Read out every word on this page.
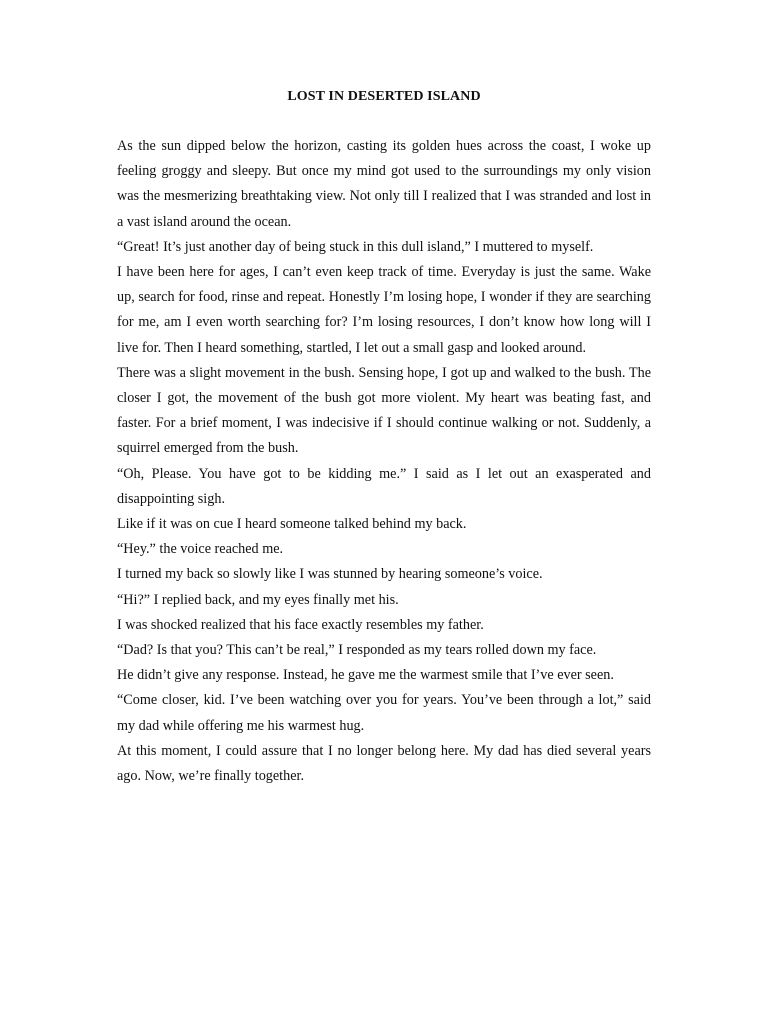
LOST IN DESERTED ISLAND

As the sun dipped below the horizon, casting its golden hues across the coast, I woke up feeling groggy and sleepy. But once my mind got used to the surroundings my only vision was the mesmerizing breathtaking view. Not only till I realized that I was stranded and lost in a vast island around the ocean.

“Great! It’s just another day of being stuck in this dull island,” I muttered to myself.

I have been here for ages, I can’t even keep track of time. Everyday is just the same. Wake up, search for food, rinse and repeat. Honestly I’m losing hope, I wonder if they are searching for me, am I even worth searching for? I’m losing resources, I don’t know how long will I live for. Then I heard something, startled, I let out a small gasp and looked around.

There was a slight movement in the bush. Sensing hope, I got up and walked to the bush. The closer I got, the movement of the bush got more violent. My heart was beating fast, and faster. For a brief moment, I was indecisive if I should continue walking or not. Suddenly, a squirrel emerged from the bush.

“Oh, Please. You have got to be kidding me.” I said as I let out an exasperated and disappointing sigh.

Like if it was on cue I heard someone talked behind my back.

“Hey.” the voice reached me.

I turned my back so slowly like I was stunned by hearing someone’s voice.

“Hi?” I replied back, and my eyes finally met his.

I was shocked realized that his face exactly resembles my father.

“Dad? Is that you? This can’t be real,” I responded as my tears rolled down my face.

He didn’t give any response. Instead, he gave me the warmest smile that I’ve ever seen.

“Come closer, kid. I’ve been watching over you for years. You’ve been through a lot,” said my dad while offering me his warmest hug.

At this moment, I could assure that I no longer belong here. My dad has died several years ago. Now, we’re finally together.
